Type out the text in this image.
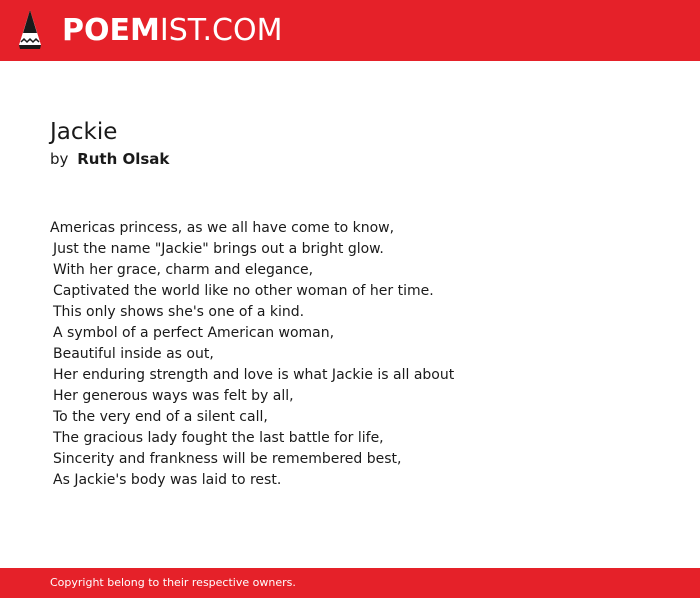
POEMIST.COM
Jackie
by Ruth Olsak
Americas princess, as we all have come to know,
Just the name "Jackie" brings out a bright glow.
With her grace, charm and elegance,
Captivated the world like no other woman of her time.
This only shows she's one of a kind.
A symbol of a perfect American woman,
Beautiful inside as out,
Her enduring strength and love is what Jackie is all about
Her generous ways was felt by all,
To the very end of a silent call,
The gracious lady fought the last battle for life,
Sincerity and frankness will be remembered best,
As Jackie's body was laid to rest.
Copyright belong to their respective owners.
